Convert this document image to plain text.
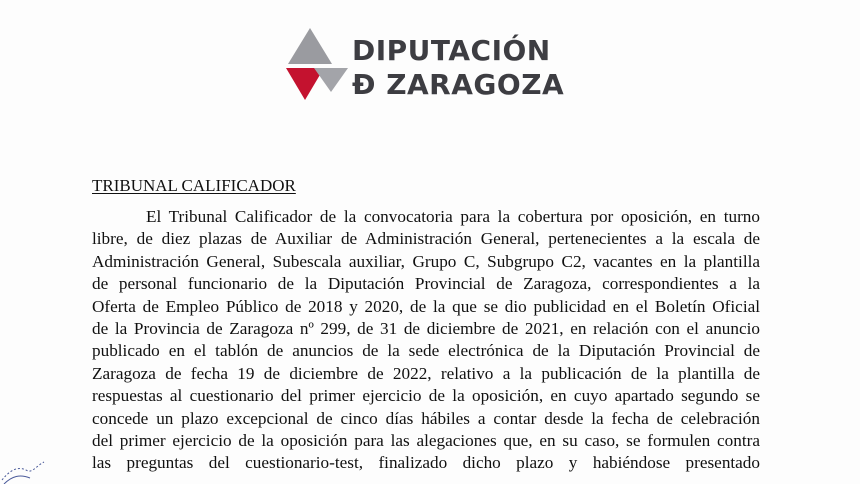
DIPUTACIÓN
Đ ZARAGOZA
TRIBUNAL CALIFICADOR
El Tribunal Calificador de la convocatoria para la cobertura por oposición, en turno
libre, de diez plazas de Auxiliar de Administración General, pertenecientes a la escala de
Administración General, Subescala auxiliar, Grupo C, Subgrupo C2, vacantes en la plantilla
de personal funcionario de la Diputación Provincial de Zaragoza, correspondientes a la
Oferta de Empleo Público de 2018 y 2020, de la que se dio publicidad en el Boletín Oficial
de la Provincia de Zaragoza nº 299, de 31 de diciembre de 2021, en relación con el anuncio
publicado en el tablón de anuncios de la sede electrónica de la Diputación Provincial de
Zaragoza de fecha 19 de diciembre de 2022, relativo a la publicación de la plantilla de
respuestas al cuestionario del primer ejercicio de la oposición, en cuyo apartado segundo se
concede un plazo excepcional de cinco días hábiles a contar desde la fecha de celebración
del primer ejercicio de la oposición para las alegaciones que, en su caso, se formulen contra
las preguntas del cuestionario-test, finalizado dicho plazo y habiéndose presentado
